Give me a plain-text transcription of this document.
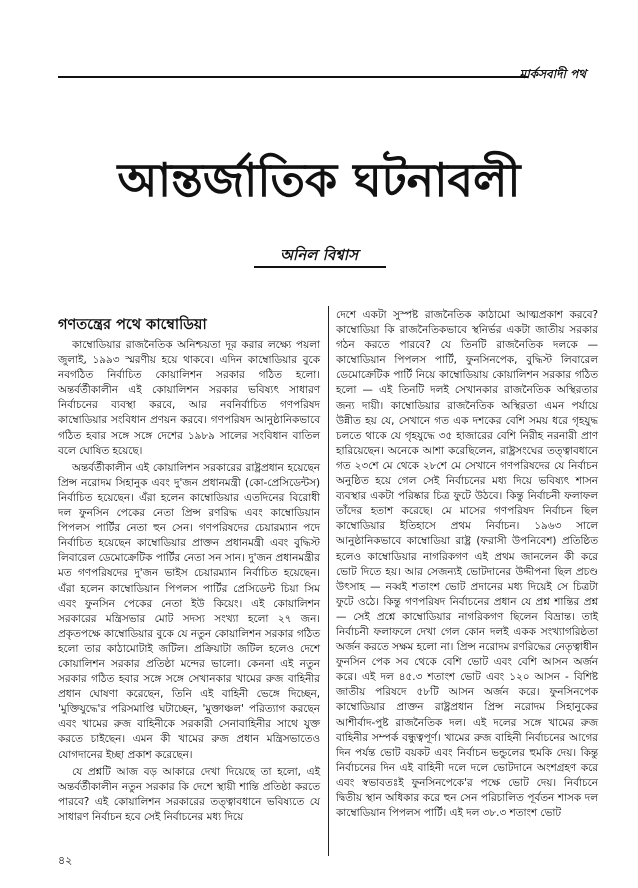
মার্কসবাদী পথ
আন্তর্জাতিক ঘটনাবলী
অনিল বিশ্বাস
গণতন্ত্রের পথে কাম্বোডিয়া

কাম্বোডিয়ার রাজনৈতিক অনিশ্চয়তা দূর করার লক্ষ্যে পয়লা জুলাই, ১৯৯৩ স্মরণীয় হয়ে থাকবে। এদিন কাম্বোডিয়ার বুকে নবগঠিত নির্বাচিত কোয়ালিশন সরকার গঠিত হলো। অন্তর্বর্তীকালীন এই কোয়ালিশন সরকার ভবিষ্যৎ সাধারণ নির্বাচনের ব্যবস্থা করবে, আর নবনির্বাচিত গণপরিষদ কাম্বোডিয়ার সংবিধান প্রণয়ন করবে। গণপরিষদ আনুষ্ঠানিকভাবে গঠিত হবার সঙ্গে সঙ্গে দেশের ১৯৮৯ সালের সংবিধান বাতিল বলে ঘোষিত হয়েছে।

অন্তর্বর্তীকালীন এই কোয়ালিশন সরকারের রাষ্ট্রপ্রধান হয়েছেন প্রিন্স নরোদম সিহানুক এবং দু'জন প্রধানমন্ত্রী (কো-প্রেসিডেন্টস) নির্বাচিত হয়েছেন। এঁরা হলেন কাম্বোডিয়ার এতদিনের বিরোধী দল ফুনসিন পেকের নেতা প্রিন্স রণরিদ্ধ এবং কাম্বোডিয়ান পিপলস পার্টির নেতা হুন সেন। গণপরিষদের চেয়ারম্যান পদে নির্বাচিত হয়েছেন কাম্বোডিয়ার প্রাক্তন প্রধানমন্ত্রী এবং বুদ্ধিস্ট লিবারেল ডেমোক্রেটিক পার্টির নেতা সন সান। দু'জন প্রধানমন্ত্রীর মত গণপরিষদের দু'জন ভাইস চেয়ারম্যান নির্বাচিত হয়েছেন। এঁরা হলেন কাম্বোডিয়ান পিপলস পার্টির প্রেসিডেন্ট চিয়া সিম এবং ফুনসিন পেকের নেতা ইউ কিয়েং। এই কোয়ালিশন সরকারের মন্ত্রিসভার মোট সদস্য সংখ্যা হলো ২৭ জন। প্রকৃতপক্ষে কাম্বোডিয়ার বুকে যে নতুন কোয়ালিশন সরকার গঠিত হলো তার কাঠামোটাই জটিল। প্রক্রিয়াটা জটিল হলেও দেশে কোয়ালিশন সরকার প্রতিষ্ঠা মন্দের ভালো। কেননা এই নতুন সরকার গঠিত হবার সঙ্গে সঙ্গে সেখানকার খামের রুজ বাহিনীর প্রধান ঘোষণা করেছেন, তিনি এই বাহিনী ভেঙ্গে দিচ্ছেন, 'মুক্তিযুদ্ধে'র পরিসমাপ্তি ঘটাচ্ছেন, 'মুক্তাঞ্চল' পরিত্যাগ করছেন এবং খামের রুজ বাহিনীকে সরকারী সেনাবাহিনীর সাথে যুক্ত করতে চাইছেন। এমন কী খামের রুজ প্রধান মন্ত্রিসভাতেও যোগদানের ইচ্ছা প্রকাশ করেছেন।

যে প্রশ্নটি আজ বড় আকারে দেখা দিয়েছে তা হলো, এই অন্তর্বর্তীকালীন নতুন সরকার কি দেশে স্থায়ী শান্তি প্রতিষ্ঠা করতে পারবে? এই কোয়ালিশন সরকারের তত্ত্বাবধানে ভবিষ্যতে যে সাধারণ নির্বাচন হবে সেই নির্বাচনের মধ্য দিয়ে

দেশে একটা সুস্পষ্ট রাজনৈতিক কাঠামো আত্মপ্রকাশ করবে? কাম্বোডিয়া কি রাজনৈতিকভাবে স্থনির্ভর একটা জাতীয় সরকার গঠন করতে পারবে? যে তিনটি রাজনৈতিক দলকে — কাম্বোডিয়ান পিপলস পার্টি, ফুনসিনপেক, বুদ্ধিস্ট লিবারেল ডেমোক্রেটিক পার্টি নিয়ে কাম্বোডিয়ায় কোয়ালিশন সরকার গঠিত হলো — এই তিনটি দলই সেখানকার রাজনৈতিক অস্থিরতার জন্য দায়ী। কাম্বোডিয়ার রাজনৈতিক অস্থিরতা এমন পর্যায়ে উন্নীত হয় যে, সেখানে গত এক দশকের বেশি সময় ধরে গৃহযুদ্ধ চলতে থাকে যে গৃহযুদ্ধে ৩৫ হাজারের বেশি নিরীহ নরনারী প্রাণ হারিয়েছেন। অনেকে আশা করেছিলেন, রাষ্ট্রসংঘের তত্ত্বাবধানে গত ২৩শে মে থেকে ২৮শে মে সেখানে গণপরিষদের যে নির্বাচন অনুষ্ঠিত হয়ে গেল সেই নির্বাচনের মধ্য দিয়ে ভবিষ্যৎ শাসন ব্যবস্থার একটা পরিষ্কার চিত্র ফুটে উঠবে। কিন্তু নির্বাচনী ফলাফল তাঁদের হতাশ করেছে। মে মাসের গণপরিষদ নির্বাচন ছিল কাম্বোডিয়ার ইতিহাসে প্রথম নির্বাচন। ১৯৬৩ সালে আনুষ্ঠানিকভাবে কাম্বোডিয়া রাষ্ট্র (ফরাসী উপনিবেশ) প্রতিষ্ঠিত হলেও কাম্বোডিয়ার নাগরিকগণ এই প্রথম জানলেন কী করে ভোট দিতে হয়। আর সেজন্যই ভোটদানের উদ্দীপনা ছিল প্রচণ্ড উৎসাহ — নব্বই শতাংশ ভোট প্রদানের মধ্য দিয়েই সে চিত্রটা ফুটে ওঠে। কিন্তু গণপরিষদ নির্বাচনের প্রধান যে প্রশ্ন শান্তির প্রশ্ন — সেই প্রশ্নে কাম্বোডিয়ার নাগরিকগণ ছিলেন বিভ্রান্ত। তাই নির্বাচনী ফলাফলে দেখা গেল কোন দলই একক সংখ্যাগরিষ্ঠতা অর্জন করতে সক্ষম হলো না। প্রিন্স নরোদম রণরিদ্ধের নেতৃত্বাধীন ফুনসিন পেক সব থেকে বেশি ভোট এবং বেশি আসন অর্জন করে। এই দল ৪৫.৩ শতাংশ ভোট এবং ১২০ আসন - বিশিষ্ট জাতীয় পরিষদে ৫৮টি আসন অর্জন করে। ফুনসিনপেক কাম্বোডিয়ার প্রাক্তন রাষ্ট্রপ্রধান প্রিন্স নরোদম সিহানুকের আশীর্বাদ-পুষ্ট রাজনৈতিক দল। এই দলের সঙ্গে খামের রুজ বাহিনীর সম্পর্ক বন্ধুত্বপূর্ণ। খামের রুজ বাহিনী নির্বাচনের আগের দিন পর্যন্ত ভোট বয়কট এবং নির্বাচন ভন্ডুলের হুমকি দেয়। কিন্তু নির্বাচনের দিন এই বাহিনী দলে দলে ভোটদানে অংশগ্রহণ করে এবং স্বভাবতঃই ফুনসিনপেকে'র পক্ষে ভোট দেয়। নির্বাচনে দ্বিতীয় স্থান অধিকার করে হুন সেন পরিচালিত পূর্বতন শাসক দল কাম্বোডিয়ান পিপলস পার্টি। এই দল ৩৮.৩ শতাংশ ভোট

৪২
